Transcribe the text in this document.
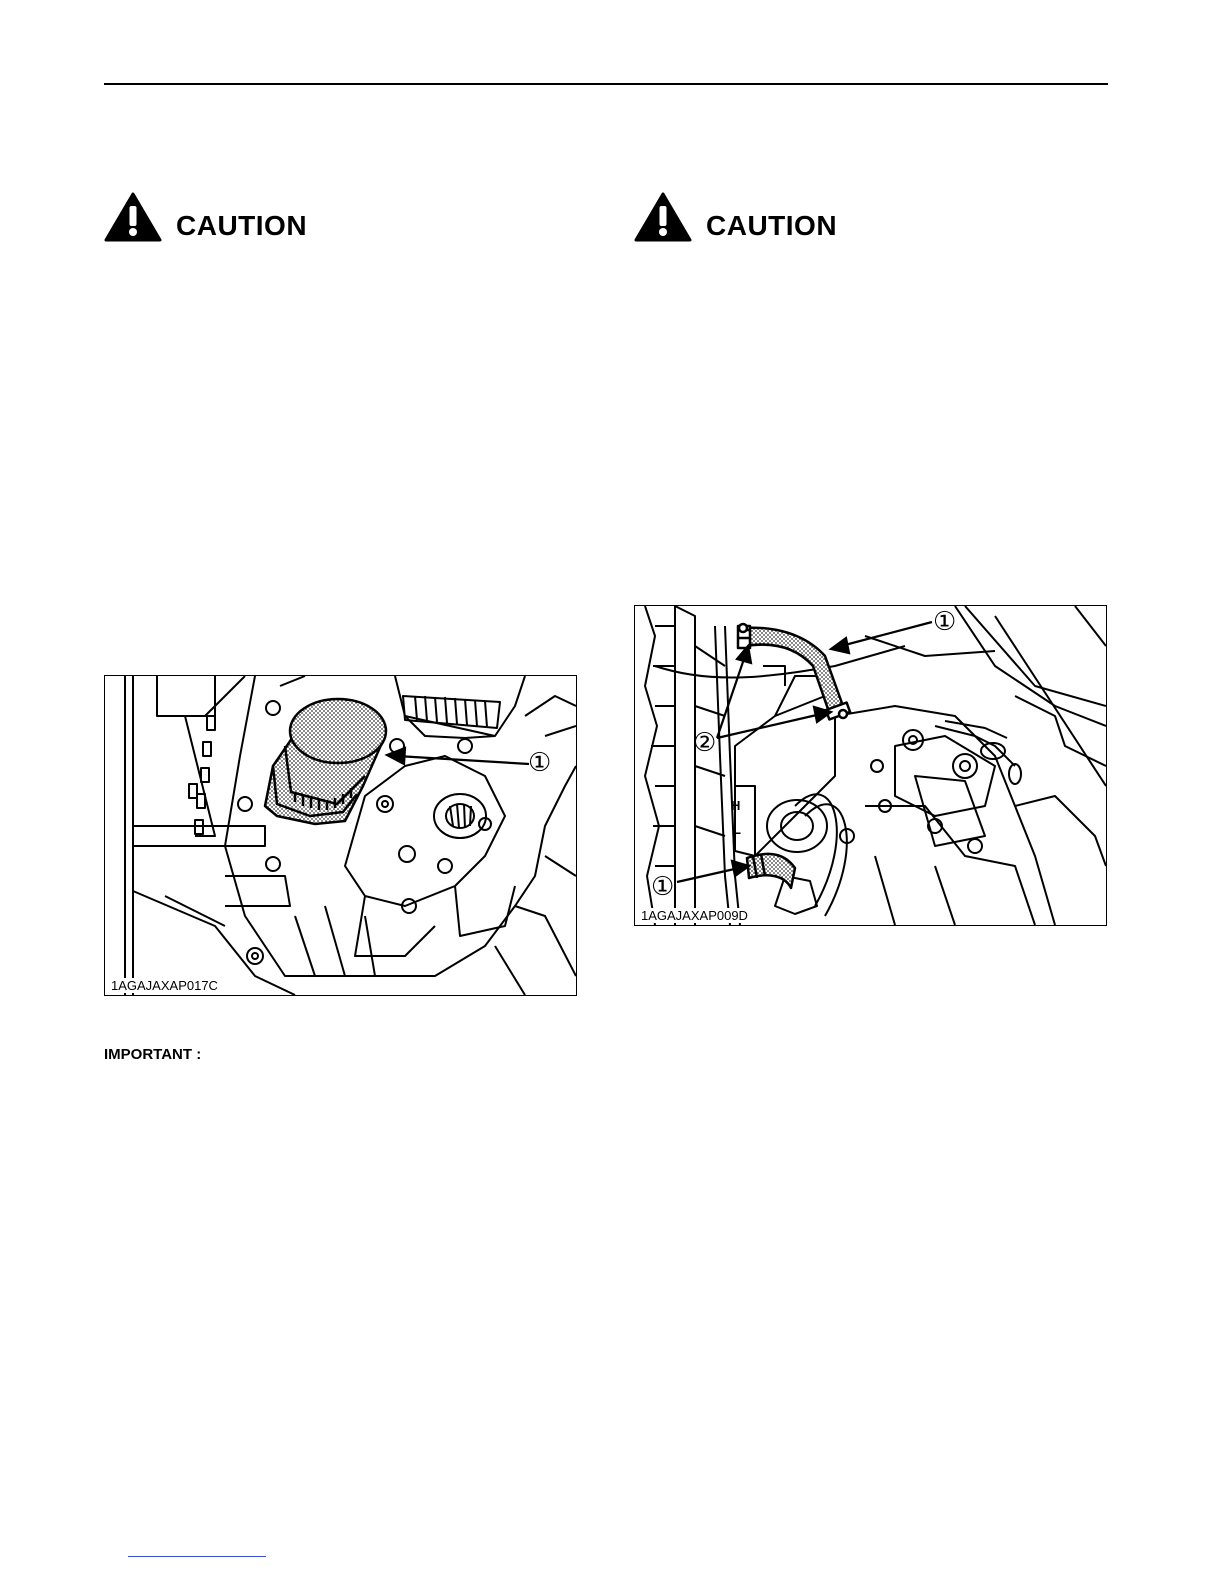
CAUTION	CAUTION
①
1AGAJAXAP017C
H
L
①
②
①
1AGAJAXAP009D
IMPORTANT :
